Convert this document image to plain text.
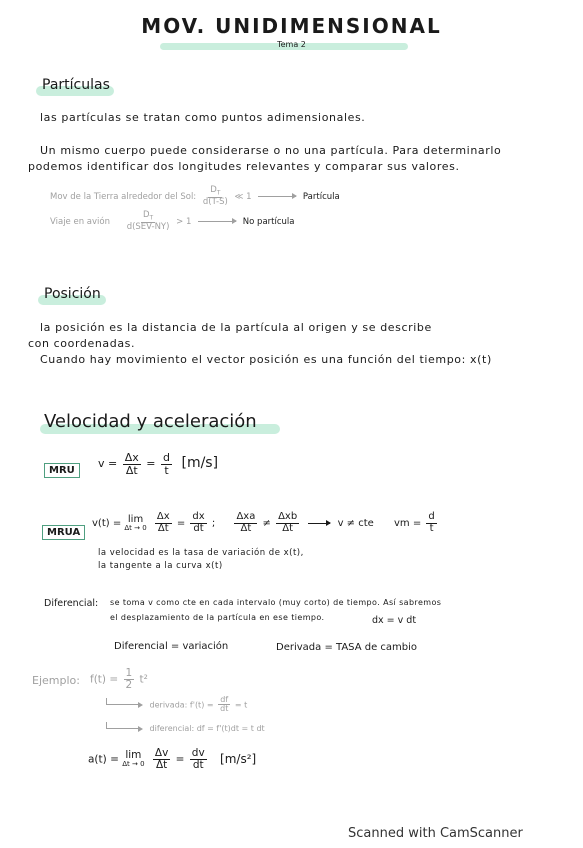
MOV. UNIDIMENSIONAL
Tema 2
Partículas
las partículas se tratan como puntos adimensionales.
Un mismo cuerpo puede considerarse o no una partícula. Para determinarlo
podemos identificar dos longitudes relevantes y comparar sus valores.
Mov de la Tierra alrededor del Sol: $\frac{D_T}{d(T-S)}$ ≪ 1	Partícula
Viaje en avión $\frac{D_T}{\text{d(SEV-NY)}} > 1$	No partícula
Posición
la posición es la distancia de la partícula al origen y se describe
con coordenadas.
Cuando hay movimiento el vector posición es una función del tiempo: x(t)
Velocidad y aceleración
MRU
$v = \frac{\Delta x}{\Delta t} = \frac{d}{t} [m/s]$
MRUA
v(t) = lim
Δt → 0
$\frac{\Delta x}{\Delta t} = \frac{dx}{dt}$ ; $\frac{\text{Δxa}}{\Delta t} \ne \frac{\text{Δxb}}{\Delta t}$	v ≠ cte vm = $\frac{d}{t}$
la velocidad es la tasa de variación de x(t),
la tangente a la curva x(t)
Diferencial: se toma v como cte en cada intervalo (muy corto) de tiempo. Así sabremos
el desplazamiento de la partícula en ese tiempo.	dx = v dt
Diferencial = variación	Derivada = TASA de cambio
Ejemplo: $f(t) = \frac{1}{2} t^2$
derivada: $f'(t) = \frac{df}{dt} = t$
diferencial: df = f'(t)dt = t dt
a(t) = lim
Δt → 0
$\frac{\Delta v}{\Delta t} = \frac{dv}{dt} [m/s^2]$
Scanned with CamScanner
